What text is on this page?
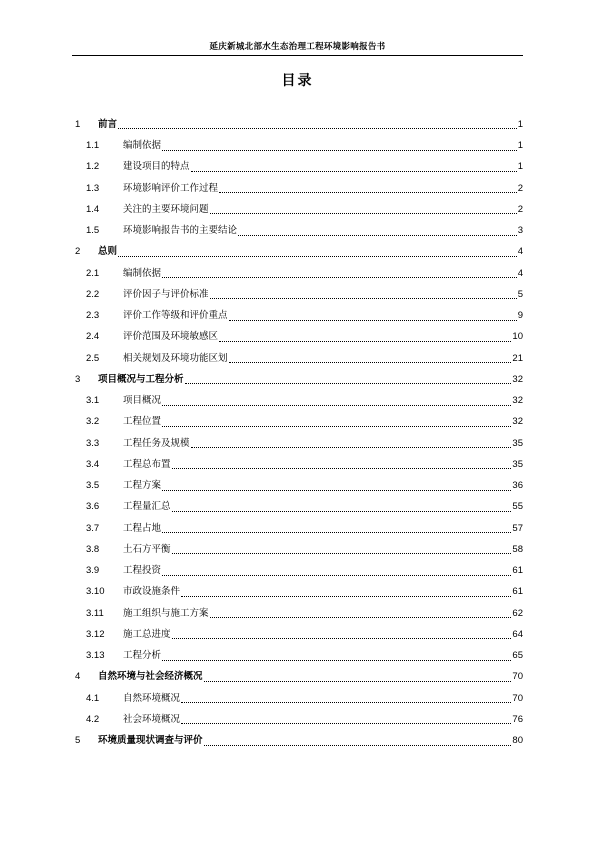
延庆新城北部水生态治理工程环境影响报告书
目录
1	前言	1
1.1	编制依据	1
1.2	建设项目的特点	1
1.3	环境影响评价工作过程	2
1.4	关注的主要环境问题	2
1.5	环境影响报告书的主要结论	3
2	总则	4
2.1	编制依据	4
2.2	评价因子与评价标准	5
2.3	评价工作等级和评价重点	9
2.4	评价范围及环境敏感区	10
2.5	相关规划及环境功能区划	21
3	项目概况与工程分析	32
3.1	项目概况	32
3.2	工程位置	32
3.3	工程任务及规模	35
3.4	工程总布置	35
3.5	工程方案	36
3.6	工程量汇总	55
3.7	工程占地	57
3.8	土石方平衡	58
3.9	工程投资	61
3.10	市政设施条件	61
3.11	施工组织与施工方案	62
3.12	施工总进度	64
3.13	工程分析	65
4	自然环境与社会经济概况	70
4.1	自然环境概况	70
4.2	社会环境概况	76
5	环境质量现状调查与评价	80
